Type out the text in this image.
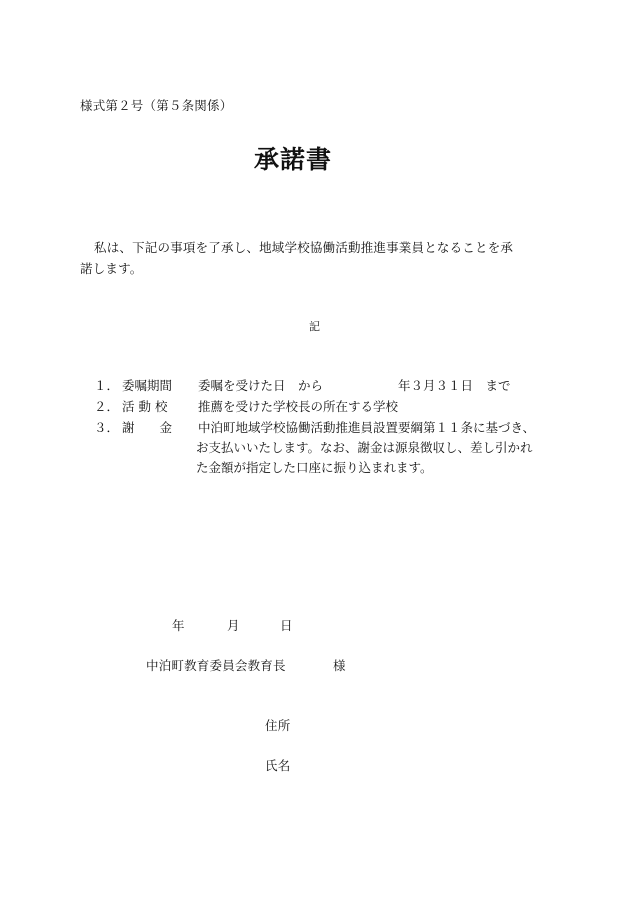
様式第２号（第５条関係）
承諾書
私は、下記の事項を了承し、地域学校協働活動推進事業員となることを承
諾します。
記
１． 委嘱期間 委嘱を受けた日　から　　　　　　年３月３１日　まで
２． 活 動 校 推薦を受けた学校長の所在する学校
３． 謝　　金 中泊町地域学校協働活動推進員設置要綱第１１条に基づき、
お支払いいたします。なお、謝金は源泉徴収し、差し引かれ
た金額が指定した口座に振り込まれます。
年	月	日
中泊町教育委員会教育長	様
住所
氏名
